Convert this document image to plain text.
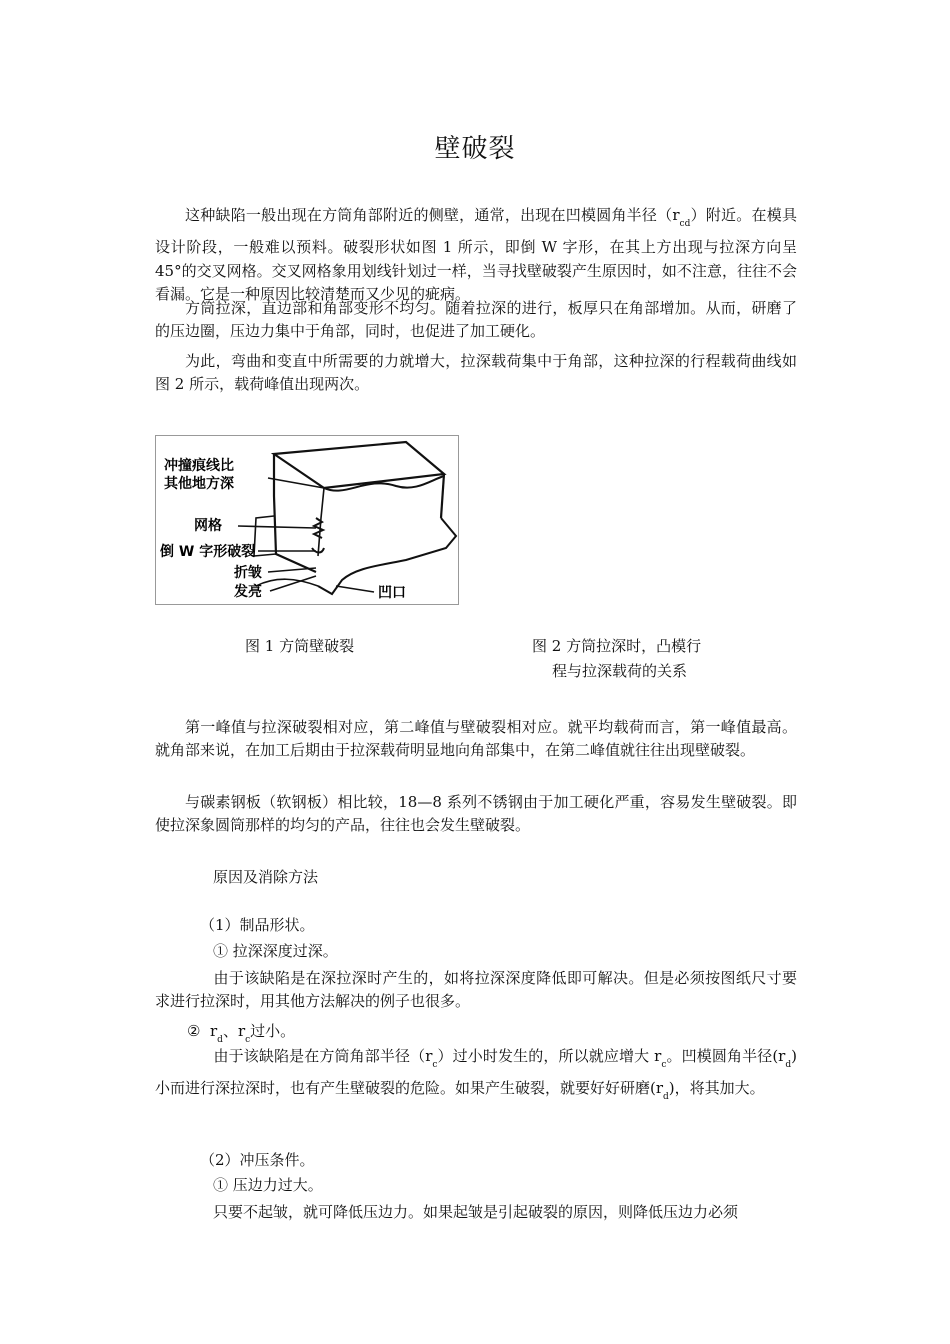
壁破裂

这种缺陷一般出现在方筒角部附近的侧壁，通常，出现在凹模圆角半径$(r_{cd})$附近。在模具设计阶段，一般难以预料。破裂形状如图 1 所示，即倒 W 字形，在其上方出现与拉深方向呈 45°的交叉网格。交叉网格象用划线针划过一样，当寻找壁破裂产生原因时，如不注意，往往不会看漏。它是一种原因比较清楚而又少见的疵病。

方筒拉深，直边部和角部变形不均匀。随着拉深的进行，板厚只在角部增加。从而，研磨了的压边圈，压边力集中于角部，同时，也促进了加工硬化。

为此，弯曲和变直中所需要的力就增大，拉深载荷集中于角部，这种拉深的行程载荷曲线如图 2 所示，载荷峰值出现两次。

冲撞痕线比
其他地方深
网格
倒 W 字形破裂
折皱
发亮	凹口
图 1 方筒壁破裂	图 2 方筒拉深时，凸模行
程与拉深载荷的关系

第一峰值与拉深破裂相对应，第二峰值与壁破裂相对应。就平均载荷而言，第一峰值最高。就角部来说，在加工后期由于拉深载荷明显地向角部集中，在第二峰值就往往出现壁破裂。

与碳素钢板（软钢板）相比较，18—8 系列不锈钢由于加工硬化严重，容易发生壁破裂。即使拉深象圆筒那样的均匀的产品，往往也会发生壁破裂。

原因及消除方法
（1）制品形状。
① 拉深深度过深。

由于该缺陷是在深拉深时产生的，如将拉深深度降低即可解决。但是必须按图纸尺寸要求进行拉深时，用其他方法解决的例子也很多。

② $r_d$、$r_c$过小。

由于该缺陷是在方筒角部半径$(r_c)$过小时发生的，所以就应增大 $r_c$。凹模圆角半径$(r_d)$小而进行深拉深时，也有产生壁破裂的危险。如果产生破裂，就要好好研磨$(r_d)$，将其加大。

（2）冲压条件。
① 压边力过大。
只要不起皱，就可降低压边力。如果起皱是引起破裂的原因，则降低压边力必须
